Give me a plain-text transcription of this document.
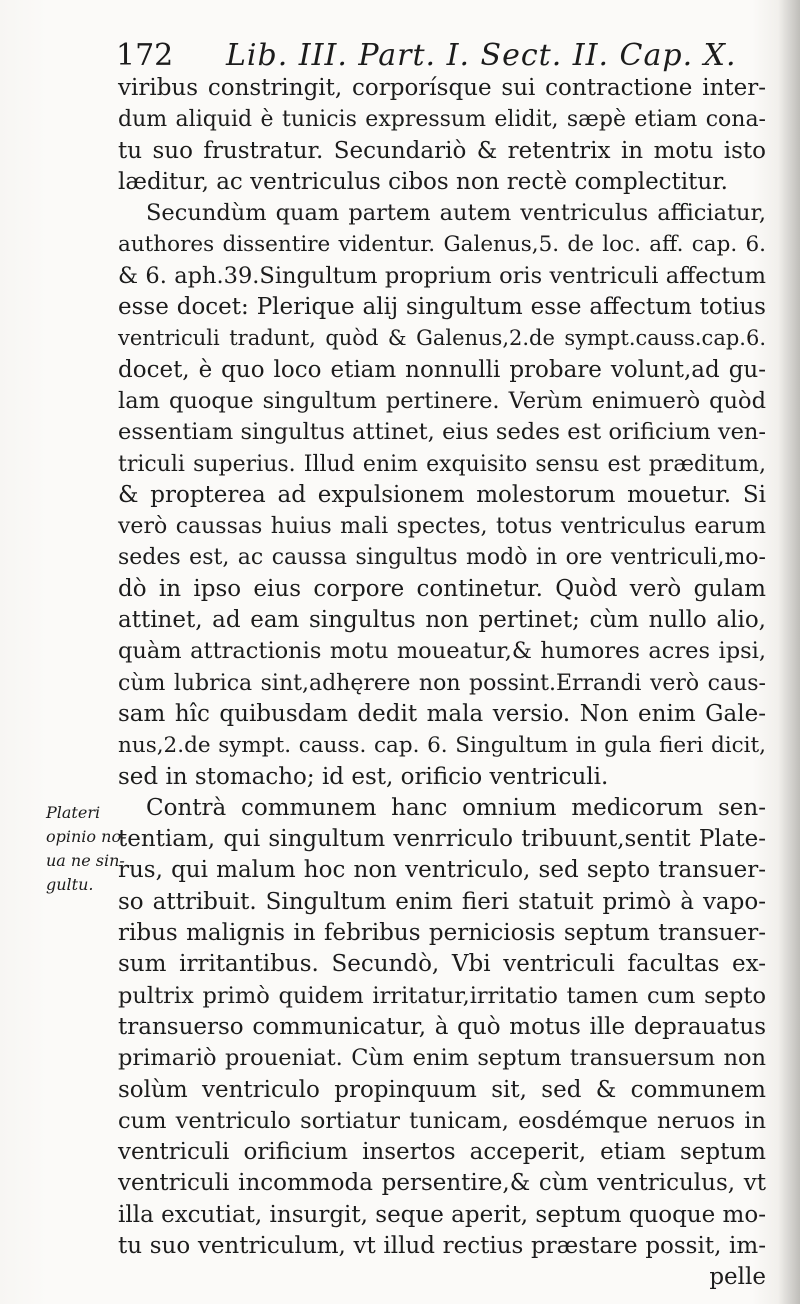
172 Lib. III. Part. I. Sect. II. Cap. X.
Plateri
opinio no-
ua ne sin-
gultu.
viribus constringit, corporísque sui contractione inter-
dum aliquid è tunicis expressum elidit, sæpè etiam cona-
tu suo frustratur. Secundariò & retentrix in motu isto
læditur, ac ventriculus cibos non rectè complectitur.
Secundùm quam partem autem ventriculus afficiatur,
authores dissentire videntur. Galenus,5. de loc. aff. cap. 6.
& 6. aph.39.Singultum proprium oris ventriculi affectum
esse docet: Plerique alij singultum esse affectum totius
ventriculi tradunt, quòd & Galenus,2.de sympt.causs.cap.6.
docet, è quo loco etiam nonnulli probare volunt,ad gu-
lam quoque singultum pertinere. Verùm enimuerò quòd
essentiam singultus attinet, eius sedes est orificium ven-
triculi superius. Illud enim exquisito sensu est præditum,
& propterea ad expulsionem molestorum mouetur. Si
verò caussas huius mali spectes, totus ventriculus earum
sedes est, ac caussa singultus modò in ore ventriculi,mo-
dò in ipso eius corpore continetur. Quòd verò gulam
attinet, ad eam singultus non pertinet; cùm nullo alio,
quàm attractionis motu moueatur,& humores acres ipsi,
cùm lubrica sint,adhęrere non possint.Errandi verò caus-
sam hîc quibusdam dedit mala versio. Non enim Gale-
nus,2.de sympt. causs. cap. 6. Singultum in gula fieri dicit,
sed in stomacho; id est, orificio ventriculi.
Contrà communem hanc omnium medicorum sen-
tentiam, qui singultum venrriculo tribuunt,sentit Plate-
rus, qui malum hoc non ventriculo, sed septo transuer-
so attribuit. Singultum enim fieri statuit primò à vapo-
ribus malignis in febribus perniciosis septum transuer-
sum irritantibus. Secundò, Vbi ventriculi facultas ex-
pultrix primò quidem irritatur,irritatio tamen cum septo
transuerso communicatur, à quò motus ille deprauatus
primariò proueniat. Cùm enim septum transuersum non
solùm ventriculo propinquum sit, sed & communem
cum ventriculo sortiatur tunicam, eosdémque neruos in
ventriculi orificium insertos acceperit, etiam septum
ventriculi incommoda persentire,& cùm ventriculus, vt
illa excutiat, insurgit, seque aperit, septum quoque mo-
tu suo ventriculum, vt illud rectius præstare possit, im-
pelle
